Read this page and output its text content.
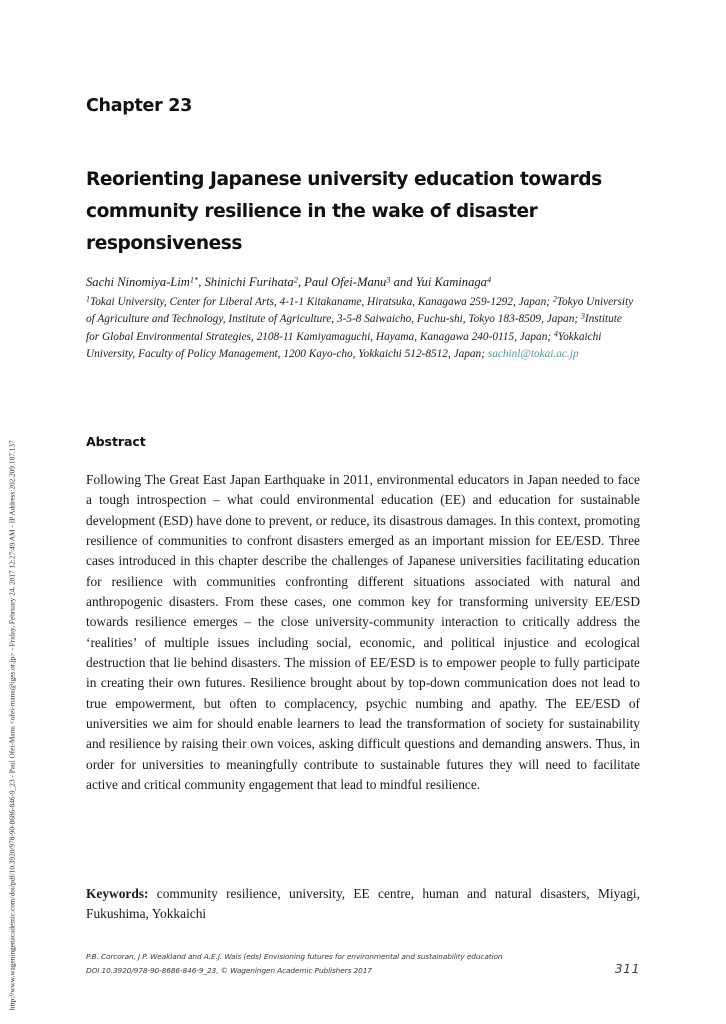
http://www.wageningenacademic.com/doi/pdf/10.3920/978-90-8686-846-9_23 - Paul Ofei-Manu <ofei-manu@iges.or.jp> - Friday, February 24, 2017 12:27:49 AM - IP Address:202.209.187.137
Chapter 23
Reorienting Japanese university education towards community resilience in the wake of disaster responsiveness
Sachi Ninomiya-Lim$^{1*}$, Shinichi Furihata$^2$, Paul Ofei-Manu$^3$ and Yui Kaminaga$^4$
$^1$Tokai University, Center for Liberal Arts, 4-1-1 Kitakaname, Hiratsuka, Kanagawa 259-1292, Japan; $^2$Tokyo University of Agriculture and Technology, Institute of Agriculture, 3-5-8 Saiwaicho, Fuchu-shi, Tokyo 183-8509, Japan; $^3$Institute for Global Environmental Strategies, 2108-11 Kamiyamaguchi, Hayama, Kanagawa 240-0115, Japan; $^4$Yokkaichi University, Faculty of Policy Management, 1200 Kayo-cho, Yokkaichi 512-8512, Japan; sachinl@tokai.ac.jp
Abstract
Following The Great East Japan Earthquake in 2011, environmental educators in Japan needed to face a tough introspection – what could environmental education (EE) and education for sustainable development (ESD) have done to prevent, or reduce, its disastrous damages. In this context, promoting resilience of communities to confront disasters emerged as an important mission for EE/ESD. Three cases introduced in this chapter describe the challenges of Japanese universities facilitating education for resilience with communities confronting different situations associated with natural and anthropogenic disasters. From these cases, one common key for transforming university EE/ESD towards resilience emerges – the close university-community interaction to critically address the ‘realities’ of multiple issues including social, economic, and political injustice and ecological destruction that lie behind disasters. The mission of EE/ESD is to empower people to fully participate in creating their own futures. Resilience brought about by top-down communication does not lead to true empowerment, but often to complacency, psychic numbing and apathy. The EE/ESD of universities we aim for should enable learners to lead the transformation of society for sustainability and resilience by raising their own voices, asking difficult questions and demanding answers. Thus, in order for universities to meaningfully contribute to sustainable futures they will need to facilitate active and critical community engagement that lead to mindful resilience.
Keywords: community resilience, university, EE centre, human and natural disasters, Miyagi, Fukushima, Yokkaichi
P.B. Corcoran, J.P. Weakland and A.E.J. Wals (eds) Envisioning futures for environmental and sustainability education
DOI 10.3920/978-90-8686-846-9_23, © Wageningen Academic Publishers 2017	311
